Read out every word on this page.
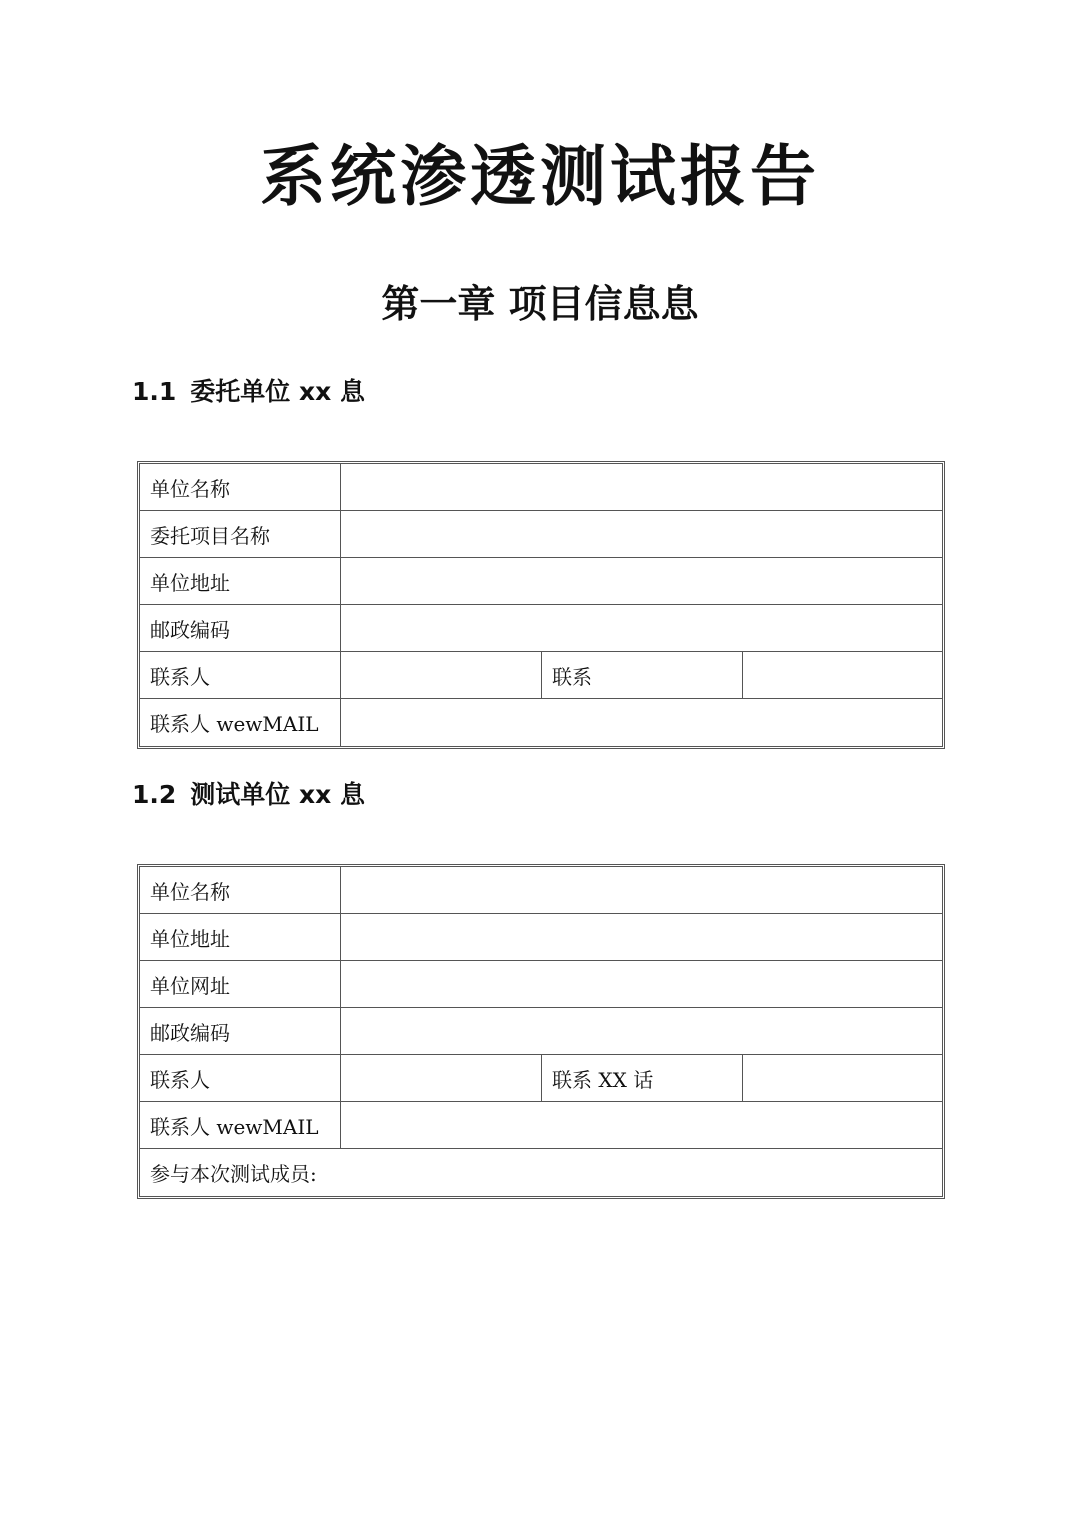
系统渗透测试报告
第一章 项目信息息
1.1 委托单位 xx 息
单位名称			
委托项目名称			
单位地址			
邮政编码			
联系人		联系	
联系人 wewMAIL			
1.2 测试单位 xx 息
单位名称			
单位地址			
单位网址			
邮政编码			
联系人		联系 XX 话	
联系人 wewMAIL			
参与本次测试成员:			
